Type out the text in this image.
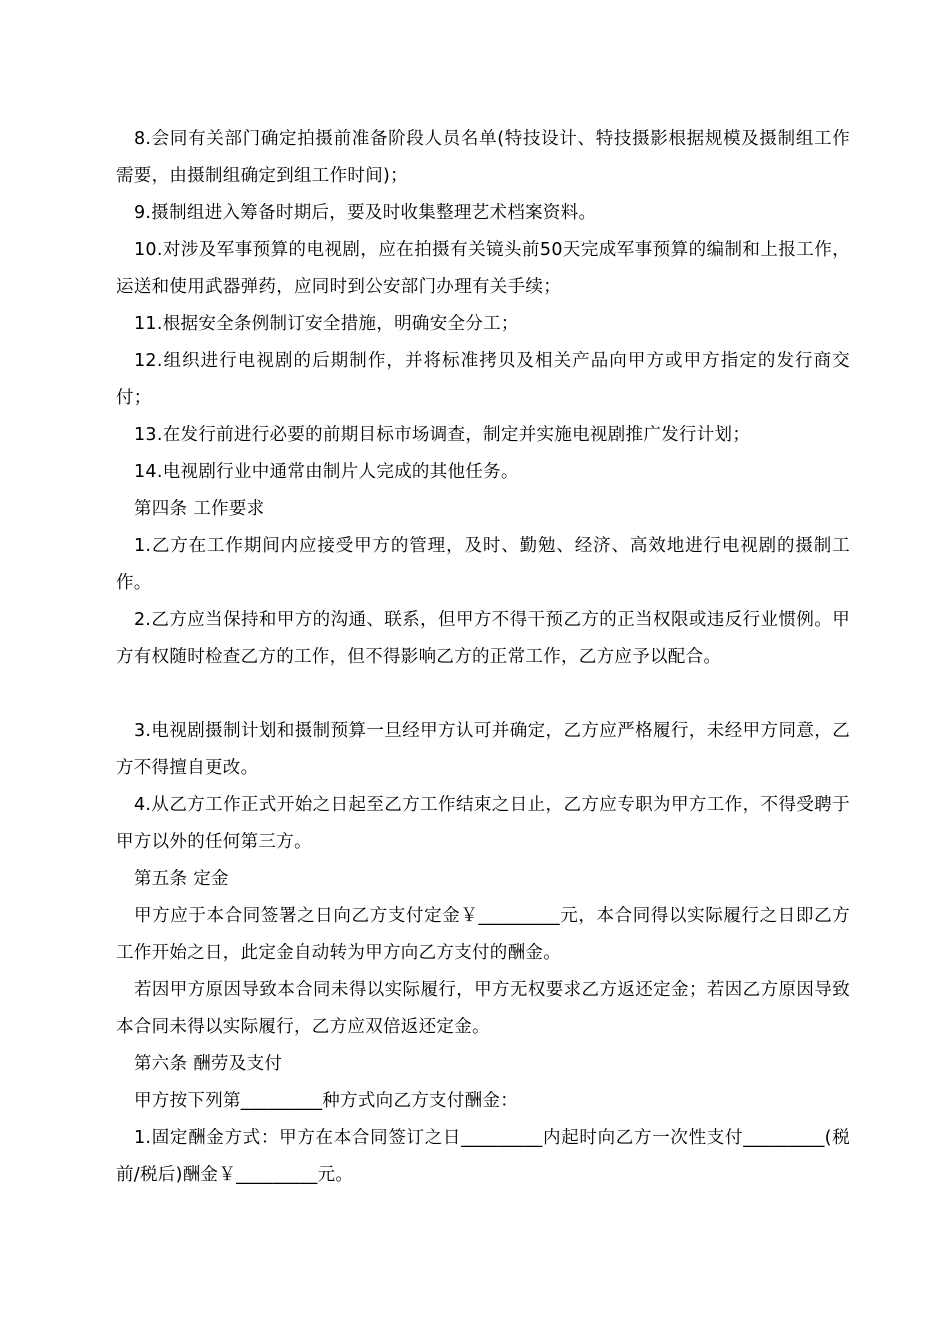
8.会同有关部门确定拍摄前准备阶段人员名单(特技设计、特技摄影根据规模及摄制组工作需要，由摄制组确定到组工作时间)；

9.摄制组进入筹备时期后，要及时收集整理艺术档案资料。

10.对涉及军事预算的电视剧，应在拍摄有关镜头前50天完成军事预算的编制和上报工作，运送和使用武器弹药，应同时到公安部门办理有关手续；

11.根据安全条例制订安全措施，明确安全分工；

12.组织进行电视剧的后期制作，并将标准拷贝及相关产品向甲方或甲方指定的发行商交付；

13.在发行前进行必要的前期目标市场调查，制定并实施电视剧推广发行计划；

14.电视剧行业中通常由制片人完成的其他任务。

第四条 工作要求

1.乙方在工作期间内应接受甲方的管理，及时、勤勉、经济、高效地进行电视剧的摄制工作。

2.乙方应当保持和甲方的沟通、联系，但甲方不得干预乙方的正当权限或违反行业惯例。甲方有权随时检查乙方的工作，但不得影响乙方的正常工作，乙方应予以配合。

3.电视剧摄制计划和摄制预算一旦经甲方认可并确定，乙方应严格履行，未经甲方同意，乙方不得擅自更改。

4.从乙方工作正式开始之日起至乙方工作结束之日止，乙方应专职为甲方工作，不得受聘于甲方以外的任何第三方。

第五条 定金

甲方应于本合同签署之日向乙方支付定金￥_________元，本合同得以实际履行之日即乙方工作开始之日，此定金自动转为甲方向乙方支付的酬金。

若因甲方原因导致本合同未得以实际履行，甲方无权要求乙方返还定金；若因乙方原因导致本合同未得以实际履行，乙方应双倍返还定金。

第六条 酬劳及支付

甲方按下列第_________种方式向乙方支付酬金：

1.固定酬金方式：甲方在本合同签订之日_________内起时向乙方一次性支付_________(税前/税后)酬金￥_________元。
